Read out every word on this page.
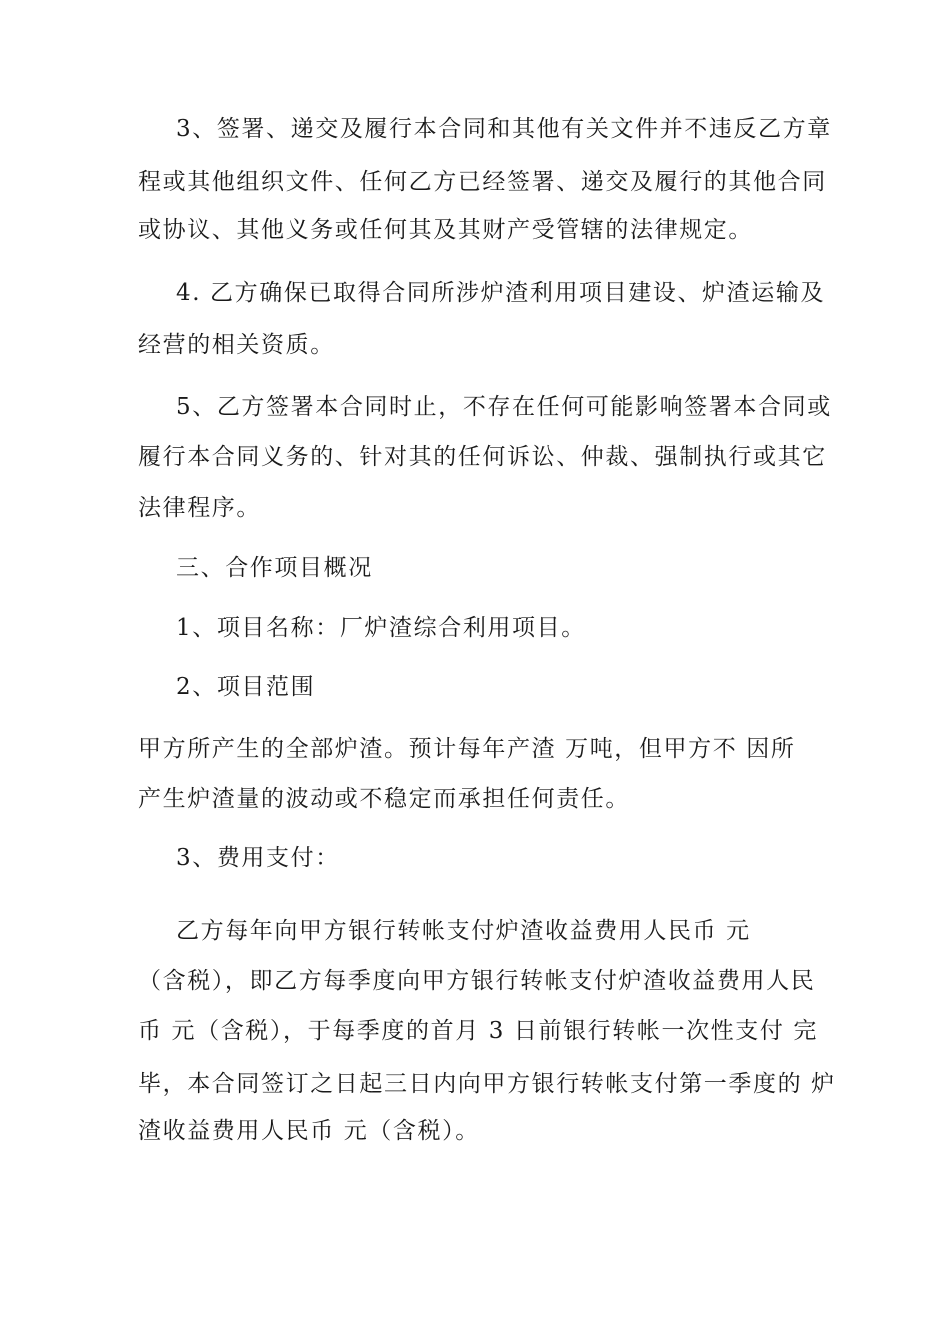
3、签署、递交及履行本合同和其他有关文件并不违反乙方章
程或其他组织文件、任何乙方已经签署、递交及履行的其他合同
或协议、其他义务或任何其及其财产受管辖的法律规定。
4. 乙方确保已取得合同所涉炉渣利用项目建设、炉渣运输及
经营的相关资质。
5、乙方签署本合同时止，不存在任何可能影响签署本合同或
履行本合同义务的、针对其的任何诉讼、仲裁、强制执行或其它
法律程序。
三、合作项目概况
1、项目名称：厂炉渣综合利用项目。
2、项目范围
甲方所产生的全部炉渣。预计每年产渣 万吨，但甲方不 因所
产生炉渣量的波动或不稳定而承担任何责任。
3、费用支付：
乙方每年向甲方银行转帐支付炉渣收益费用人民币 元
（含税），即乙方每季度向甲方银行转帐支付炉渣收益费用人民
币 元（含税），于每季度的首月 3 日前银行转帐一次性支付 完
毕，本合同签订之日起三日内向甲方银行转帐支付第一季度的 炉
渣收益费用人民币 元（含税）。
